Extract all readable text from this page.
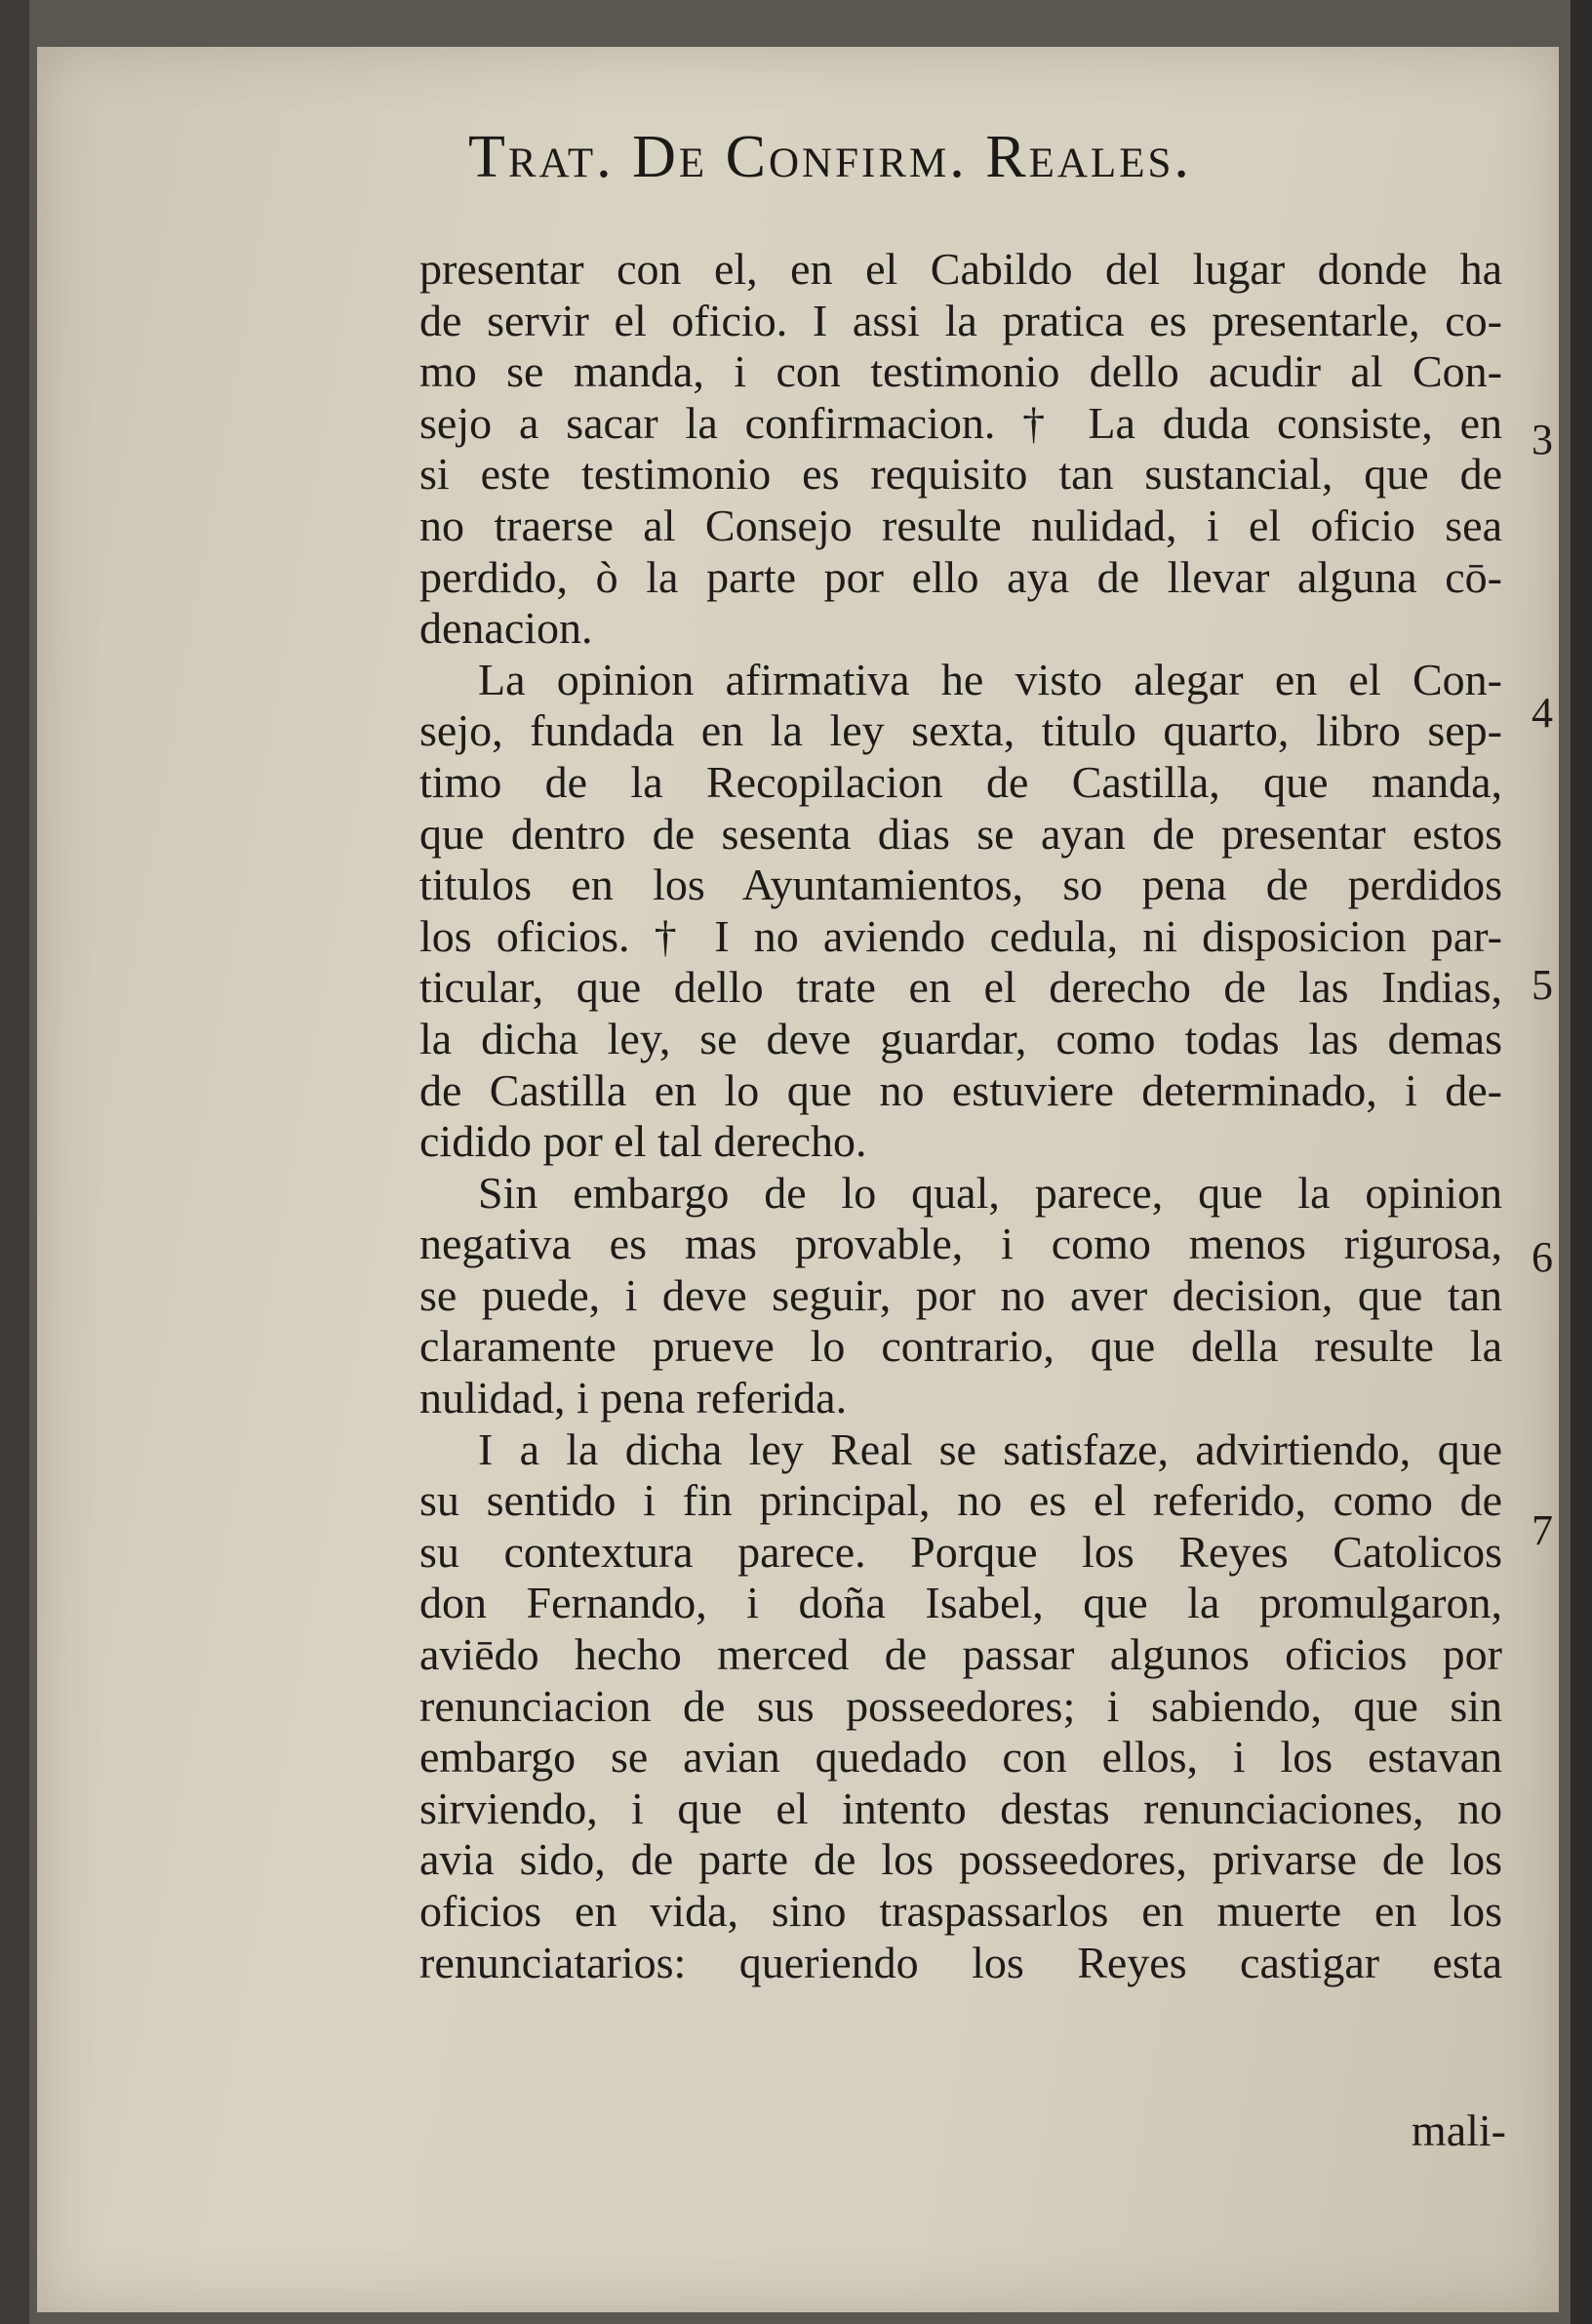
Trat. De Confirm. Reales.
presentar con el, en el Cabildo del lugar donde ha
de servir el oficio. I assi la pratica es presentarle, co-
mo se manda, i con testimonio dello acudir al Con-
sejo a sacar la confirmacion. † La duda consiste, en
si este testimonio es requisito tan sustancial, que de
no traerse al Consejo resulte nulidad, i el oficio sea
perdido, ò la parte por ello aya de llevar alguna cō-
denacion.
La opinion afirmativa he visto alegar en el Con-
sejo, fundada en la ley sexta, titulo quarto, libro sep-
timo de la Recopilacion de Castilla, que manda,
que dentro de sesenta dias se ayan de presentar estos
titulos en los Ayuntamientos, so pena de perdidos
los oficios. † I no aviendo cedula, ni disposicion par-
ticular, que dello trate en el derecho de las Indias,
la dicha ley, se deve guardar, como todas las demas
de Castilla en lo que no estuviere determinado, i de-
cidido por el tal derecho.
Sin embargo de lo qual, parece, que la opinion
negativa es mas provable, i como menos rigurosa,
se puede, i deve seguir, por no aver decision, que tan
claramente prueve lo contrario, que della resulte la
nulidad, i pena referida.
I a la dicha ley Real se satisfaze, advirtiendo, que
su sentido i fin principal, no es el referido, como de
su contextura parece. Porque los Reyes Catolicos
don Fernando, i doña Isabel, que la promulgaron,
aviēdo hecho merced de passar algunos oficios por
renunciacion de sus posseedores; i sabiendo, que sin
embargo se avian quedado con ellos, i los estavan
sirviendo, i que el intento destas renunciaciones, no
avia sido, de parte de los posseedores, privarse de los
oficios en vida, sino traspassarlos en muerte en los
renunciatarios: queriendo los Reyes castigar esta
mali-
3
4
5
6
7
